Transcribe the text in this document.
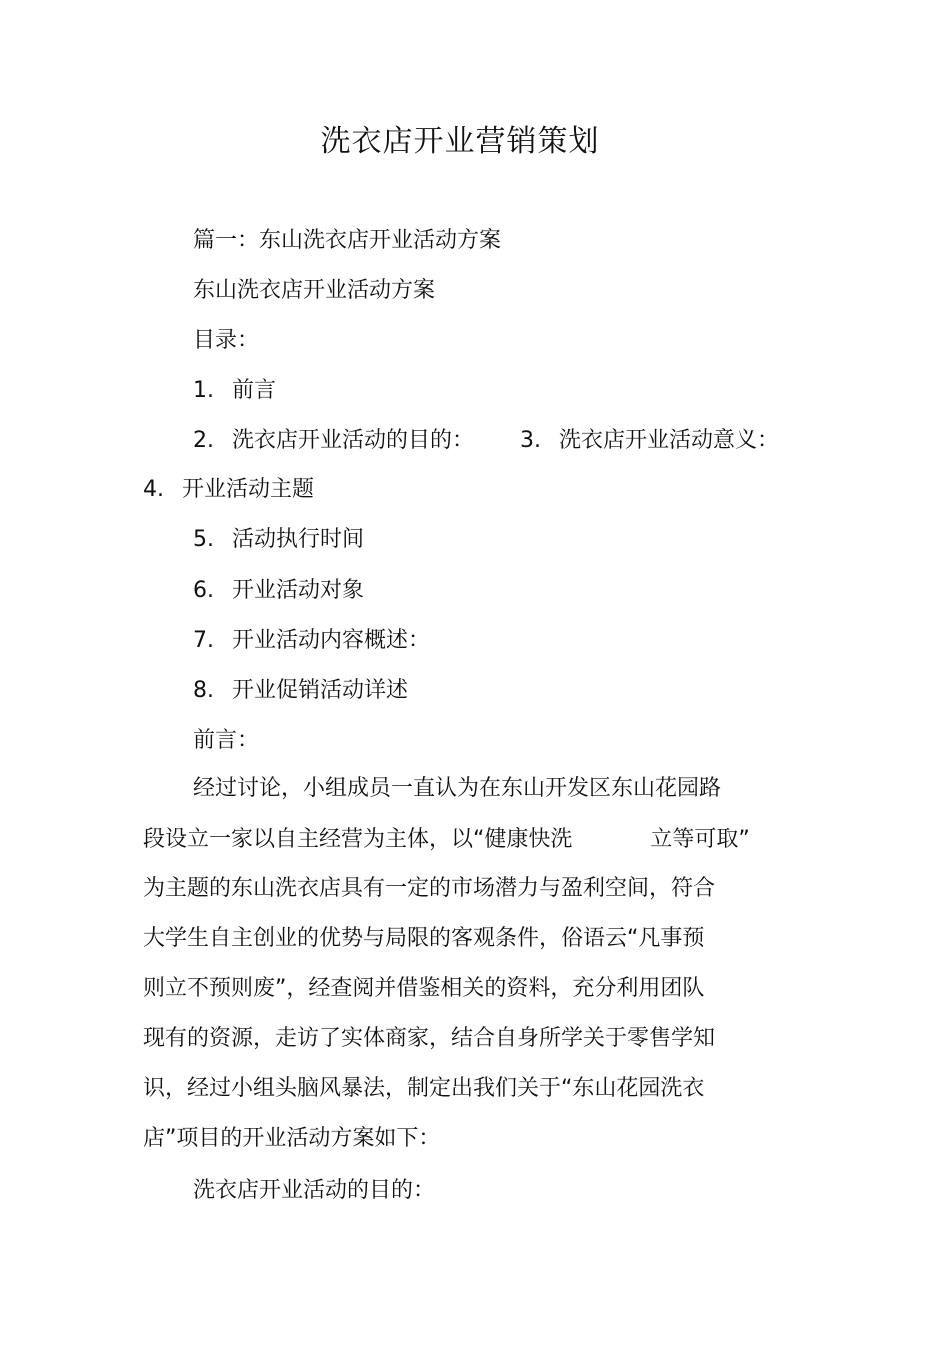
洗衣店开业营销策划
篇一：东山洗衣店开业活动方案
东山洗衣店开业活动方案
目录：
1. 前言
2. 洗衣店开业活动的目的： 3. 洗衣店开业活动意义：
4. 开业活动主题
5. 活动执行时间
6. 开业活动对象
7. 开业活动内容概述：
8. 开业促销活动详述
前言：
经过讨论，小组成员一直认为在东山开发区东山花园路
段设立一家以自主经营为主体，以“健康快洗	立等可取”
为主题的东山洗衣店具有一定的市场潜力与盈利空间，符合
大学生自主创业的优势与局限的客观条件，俗语云“凡事预
则立不预则废”，经查阅并借鉴相关的资料，充分利用团队
现有的资源，走访了实体商家，结合自身所学关于零售学知
识，经过小组头脑风暴法，制定出我们关于“东山花园洗衣
店”项目的开业活动方案如下：
洗衣店开业活动的目的：
